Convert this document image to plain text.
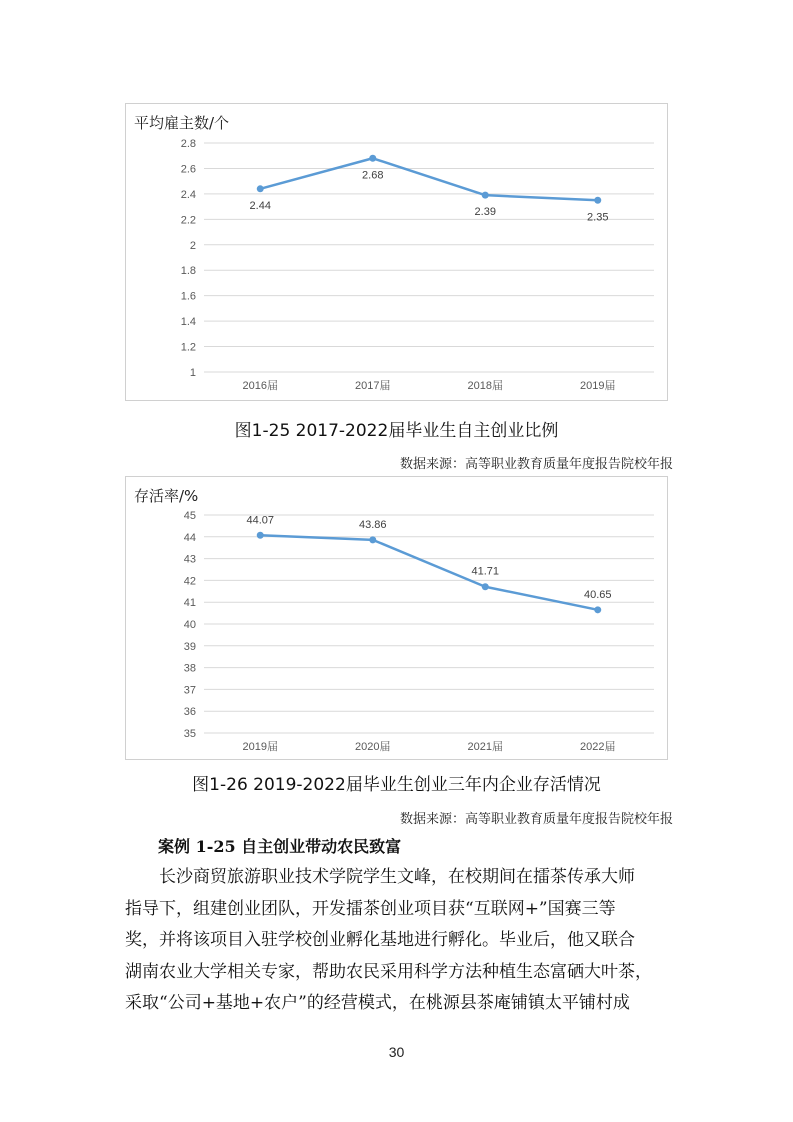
平均雇主数/个
1
1.2
1.4
1.6
1.8
2
2.2
2.4
2.6
2.8
2016届	2017届	2018届	2019届
2.44
2.68
2.39	2.35
图1-25 2017-2022届毕业生自主创业比例
数据来源：高等职业教育质量年度报告院校年报
存活率/%
35
36
37
38
39
40
41
42
43
44
45
2019届	2020届	2021届	2022届
44.07	43.86
41.71
40.65
图1-26 2019-2022届毕业生创业三年内企业存活情况
数据来源：高等职业教育质量年度报告院校年报
案例 1-25 自主创业带动农民致富
长沙商贸旅游职业技术学院学生文峰，在校期间在擂茶传承大师
指导下，组建创业团队，开发擂茶创业项目获“互联网+”国赛三等
奖，并将该项目入驻学校创业孵化基地进行孵化。毕业后，他又联合
湖南农业大学相关专家，帮助农民采用科学方法种植生态富硒大叶茶，
采取“公司+基地+农户”的经营模式，在桃源县茶庵铺镇太平铺村成
30
